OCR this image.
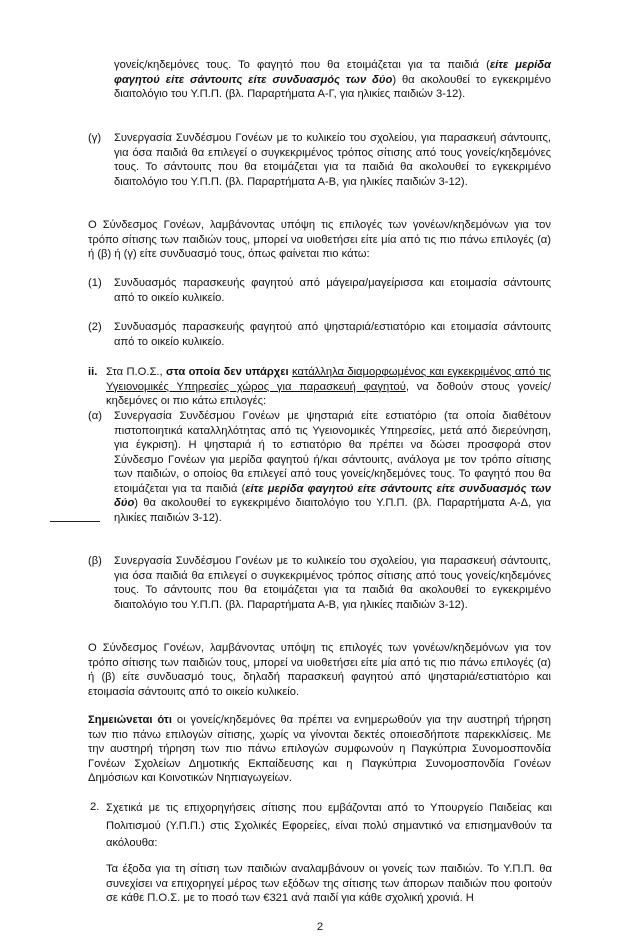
γονείς/κηδεμόνες τους. Το φαγητό που θα ετοιμάζεται για τα παιδιά (είτε μερίδα φαγητού είτε σάντουιτς είτε συνδυασμός των δύο) θα ακολουθεί το εγκεκριμένο διαιτολόγιο του Υ.Π.Π. (βλ. Παραρτήματα Α-Γ, για ηλικίες παιδιών 3-12).

(γ) Συνεργασία Συνδέσμου Γονέων με το κυλικείο του σχολείου, για παρασκευή σάντουιτς, για όσα παιδιά θα επιλεγεί ο συγκεκριμένος τρόπος σίτισης από τους γονείς/κηδεμόνες τους. Το σάντουιτς που θα ετοιμάζεται για τα παιδιά θα ακολουθεί το εγκεκριμένο διαιτολόγιο του Υ.Π.Π. (βλ. Παραρτήματα Α-Β, για ηλικίες παιδιών 3-12).

Ο Σύνδεσμος Γονέων, λαμβάνοντας υπόψη τις επιλογές των γονέων/κηδεμόνων για τον τρόπο σίτισης των παιδιών τους, μπορεί να υιοθετήσει είτε μία από τις πιο πάνω επιλογές (α) ή (β) ή (γ) είτε συνδυασμό τους, όπως φαίνεται πιο κάτω:

(1) Συνδυασμός παρασκευής φαγητού από μάγειρα/μαγείρισσα και ετοιμασία σάντουιτς από το οικείο κυλικείο.

(2) Συνδυασμός παρασκευής φαγητού από ψησταριά/εστιατόριο και ετοιμασία σάντουιτς από το οικείο κυλικείο.

ii. Στα Π.Ο.Σ., στα οποία δεν υπάρχει κατάλληλα διαμορφωμένος και εγκεκριμένος από τις Υγειονομικές Υπηρεσίες χώρος για παρασκευή φαγητού, να δοθούν στους γονείς/κηδεμόνες οι πιο κάτω επιλογές:

(α) Συνεργασία Συνδέσμου Γονέων με ψησταριά είτε εστιατόριο (τα οποία διαθέτουν πιστοποιητικά καταλληλότητας από τις Υγειονομικές Υπηρεσίες, μετά από διερεύνηση, για έγκριση). Η ψησταριά ή το εστιατόριο θα πρέπει να δώσει προσφορά στον Σύνδεσμο Γονέων για μερίδα φαγητού ή/και σάντουιτς, ανάλογα με τον τρόπο σίτισης των παιδιών, ο οποίος θα επιλεγεί από τους γονείς/κηδεμόνες τους. Το φαγητό που θα ετοιμάζεται για τα παιδιά (είτε μερίδα φαγητού είτε σάντουιτς είτε συνδυασμός των δύο) θα ακολουθεί το εγκεκριμένο διαιτολόγιο του Υ.Π.Π. (βλ. Παραρτήματα Α-Δ, για ηλικίες παιδιών 3-12).

(β) Συνεργασία Συνδέσμου Γονέων με το κυλικείο του σχολείου, για παρασκευή σάντουιτς, για όσα παιδιά θα επιλεγεί ο συγκεκριμένος τρόπος σίτισης από τους γονείς/κηδεμόνες τους. Το σάντουιτς που θα ετοιμάζεται για τα παιδιά θα ακολουθεί το εγκεκριμένο διαιτολόγιο του Υ.Π.Π. (βλ. Παραρτήματα Α-Β, για ηλικίες παιδιών 3-12).

Ο Σύνδεσμος Γονέων, λαμβάνοντας υπόψη τις επιλογές των γονέων/κηδεμόνων για τον τρόπο σίτισης των παιδιών τους, μπορεί να υιοθετήσει είτε μία από τις πιο πάνω επιλογές (α) ή (β) είτε συνδυασμό τους, δηλαδή παρασκευή φαγητού από ψησταριά/εστιατόριο και ετοιμασία σάντουιτς από το οικείο κυλικείο.

Σημειώνεται ότι οι γονείς/κηδεμόνες θα πρέπει να ενημερωθούν για την αυστηρή τήρηση των πιο πάνω επιλογών σίτισης, χωρίς να γίνονται δεκτές οποιεσδήποτε παρεκκλίσεις. Με την αυστηρή τήρηση των πιο πάνω επιλογών συμφωνούν η Παγκύπρια Συνομοσπονδία Γονέων Σχολείων Δημοτικής Εκπαίδευσης και η Παγκύπρια Συνομοσπονδία Γονέων Δημόσιων και Κοινοτικών Νηπιαγωγείων.

2. Σχετικά με τις επιχορηγήσεις σίτισης που εμβάζονται από το Υπουργείο Παιδείας και Πολιτισμού (Υ.Π.Π.) στις Σχολικές Εφορείες, είναι πολύ σημαντικό να επισημανθούν τα ακόλουθα:

Τα έξοδα για τη σίτιση των παιδιών αναλαμβάνουν οι γονείς των παιδιών. Το Υ.Π.Π. θα συνεχίσει να επιχορηγεί μέρος των εξόδων της σίτισης των άπορων παιδιών που φοιτούν σε κάθε Π.Ο.Σ. με το ποσό των €321 ανά παιδί για κάθε σχολική χρονιά. Η

2
